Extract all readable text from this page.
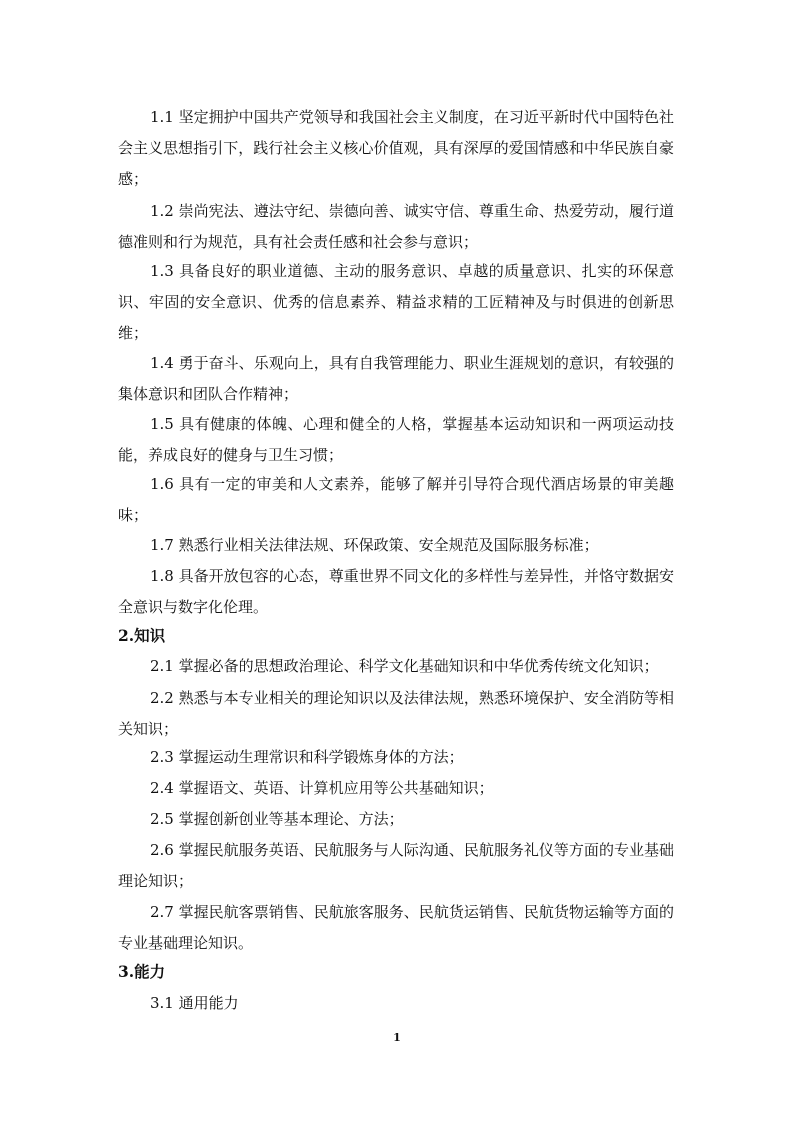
1.1 坚定拥护中国共产党领导和我国社会主义制度，在习近平新时代中国特色社会主义思想指引下，践行社会主义核心价值观，具有深厚的爱国情感和中华民族自豪感；

1.2 崇尚宪法、遵法守纪、崇德向善、诚实守信、尊重生命、热爱劳动，履行道德准则和行为规范，具有社会责任感和社会参与意识；

1.3 具备良好的职业道德、主动的服务意识、卓越的质量意识、扎实的环保意识、牢固的安全意识、优秀的信息素养、精益求精的工匠精神及与时俱进的创新思维；

1.4 勇于奋斗、乐观向上，具有自我管理能力、职业生涯规划的意识，有较强的集体意识和团队合作精神；

1.5 具有健康的体魄、心理和健全的人格，掌握基本运动知识和一两项运动技能，养成良好的健身与卫生习惯；

1.6 具有一定的审美和人文素养，能够了解并引导符合现代酒店场景的审美趣味；

1.7 熟悉行业相关法律法规、环保政策、安全规范及国际服务标准；

1.8 具备开放包容的心态，尊重世界不同文化的多样性与差异性，并恪守数据安全意识与数字化伦理。

2.知识

2.1 掌握必备的思想政治理论、科学文化基础知识和中华优秀传统文化知识；

2.2 熟悉与本专业相关的理论知识以及法律法规，熟悉环境保护、安全消防等相关知识；

2.3 掌握运动生理常识和科学锻炼身体的方法；

2.4 掌握语文、英语、计算机应用等公共基础知识；

2.5 掌握创新创业等基本理论、方法；

2.6 掌握民航服务英语、民航服务与人际沟通、民航服务礼仪等方面的专业基础理论知识；

2.7 掌握民航客票销售、民航旅客服务、民航货运销售、民航货物运输等方面的专业基础理论知识。

3.能力

3.1 通用能力

1
